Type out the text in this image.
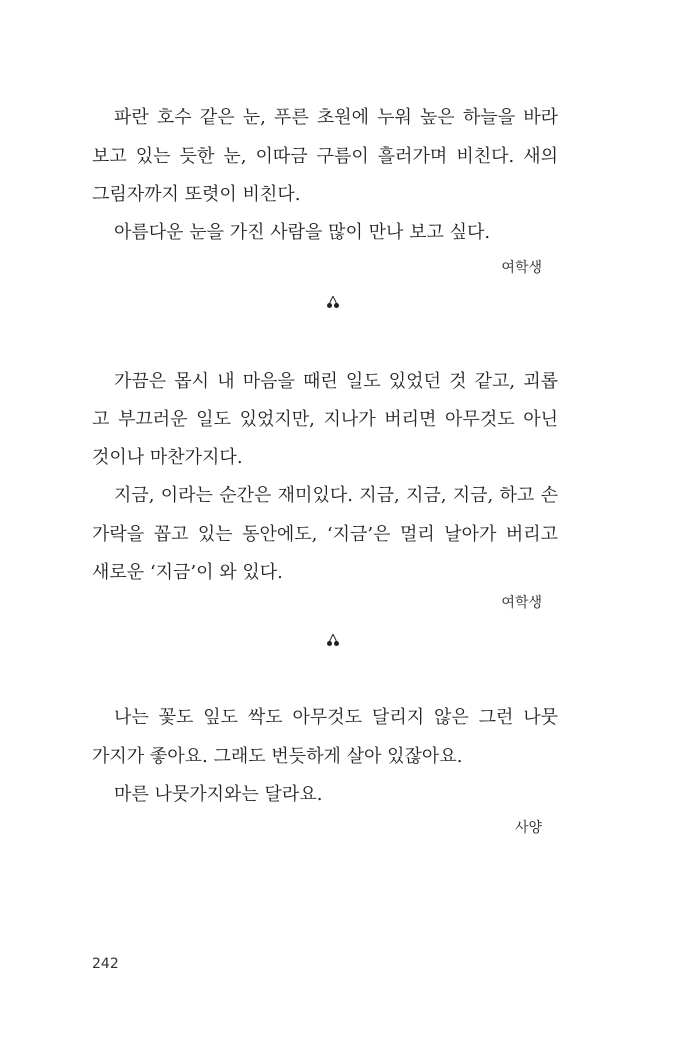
파란 호수 같은 눈, 푸른 초원에 누워 높은 하늘을 바라
보고 있는 듯한 눈, 이따금 구름이 흘러가며 비친다. 새의
그림자까지 또렷이 비친다.
아름다운 눈을 가진 사람을 많이 만나 보고 싶다.
여학생
가끔은 몹시 내 마음을 때린 일도 있었던 것 같고, 괴롭
고 부끄러운 일도 있었지만, 지나가 버리면 아무것도 아닌
것이나 마찬가지다.
지금, 이라는 순간은 재미있다. 지금, 지금, 지금, 하고 손
가락을 꼽고 있는 동안에도, ‘지금’은 멀리 날아가 버리고
새로운 ‘지금’이 와 있다.
여학생
나는 꽃도 잎도 싹도 아무것도 달리지 않은 그런 나뭇
가지가 좋아요. 그래도 번듯하게 살아 있잖아요.
마른 나뭇가지와는 달라요.
사양
242
